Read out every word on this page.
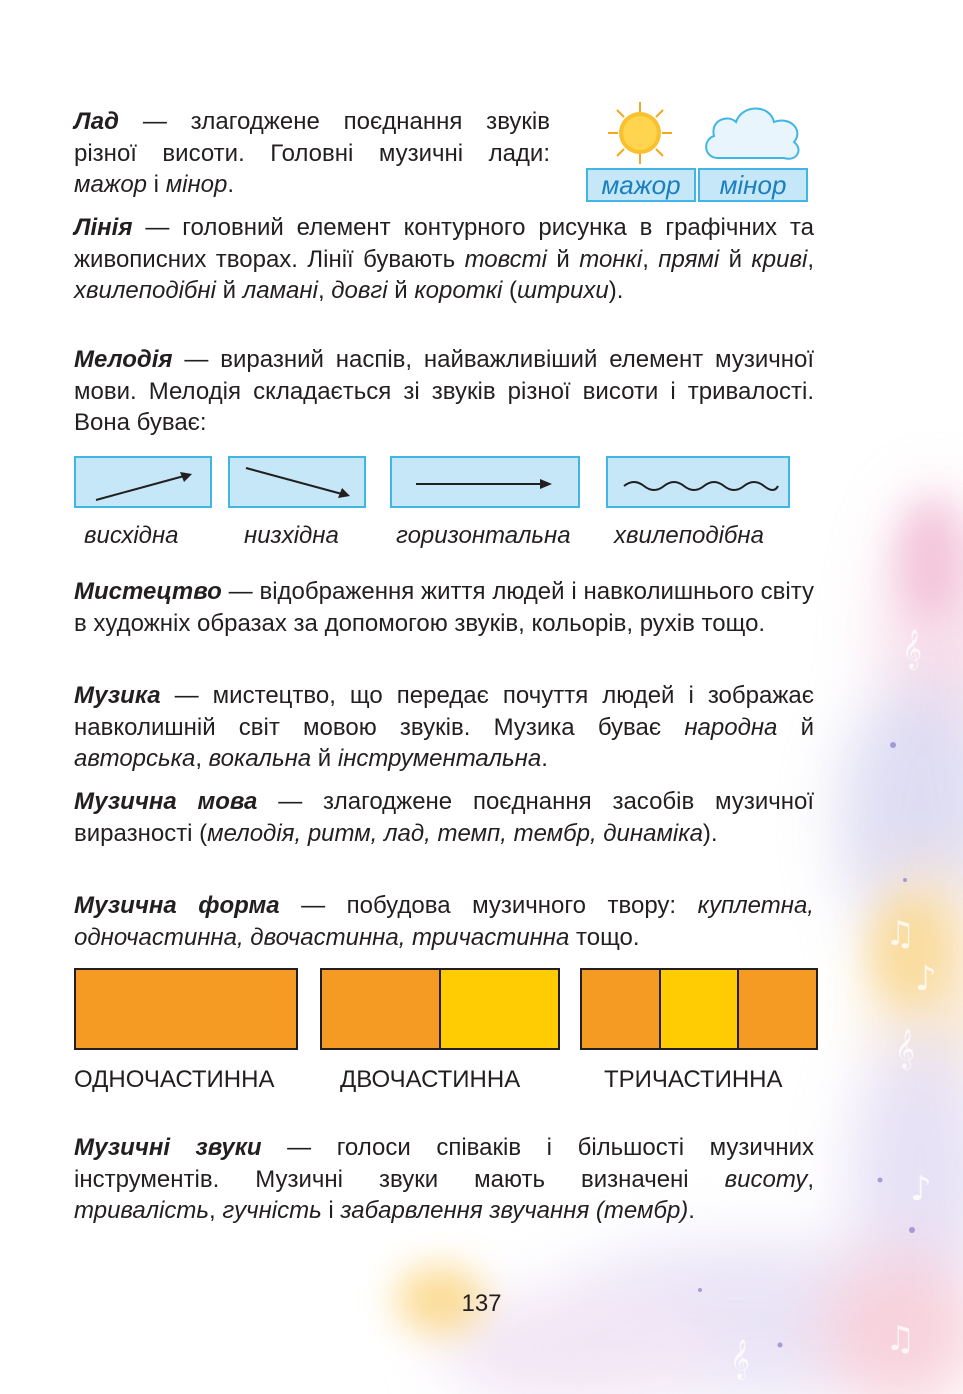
𝄞
♫
♪
𝄞
♪
♫
𝄞
Лад — злагоджене поєднання звуків різної висоти. Головні музичні лади: мажор і мінор.	мажор	мінор
Лінія — головний елемент контурного рисунка в графічних та живописних творах. Лінії бувають товсті й тонкі, прямі й криві, хвилеподібні й ламані, довгі й короткі (штрихи).
Мелодія — виразний наспів, найважливіший елемент музичної мови. Мелодія складається зі звуків різної висоти і тривалості. Вона буває:
висхідна	низхідна горизонтальна хвилеподібна
Мистецтво — відображення життя людей і навколишнього світу в художніх образах за допомогою звуків, кольорів, рухів тощо.
Музика — мистецтво, що передає почуття людей і зображає навколишній світ мовою звуків. Музика буває народна й авторська, вокальна й інструментальна.
Музична мова — злагоджене поєднання засобів музичної виразності (мелодія, ритм, лад, темп, тембр, динаміка).
Музична форма — побудова музичного твору: куплетна, одночастинна, двочастинна, тричастинна тощо.
ОДНОЧАСТИННА	ДВОЧАСТИННА	ТРИЧАСТИННА
Музичні звуки — голоси співаків і більшості музичних інструментів. Музичні звуки мають визначені висоту, тривалість, гучність і забарвлення звучання (тембр).
137
